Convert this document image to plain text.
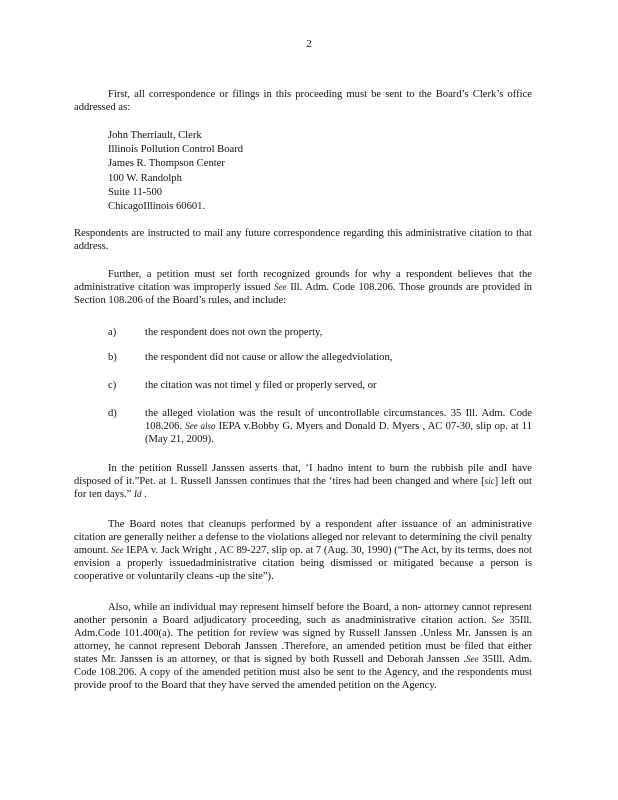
2
First, all correspondence or filings in this proceeding must be sent to the Board’s Clerk’s office addressed as:
John Therriault, Clerk
Illinois Pollution Control Board
James R. Thompson Center
100 W. Randolph
Suite 11-500
ChicagoIllinois 60601.
Respondents are instructed to mail any future correspondence regarding this administrative citation to that address.
Further, a petition must set forth recognized grounds for why a respondent believes that the administrative citation was improperly issued See Ill. Adm. Code 108.206. Those grounds are provided in Section 108.206 of the Board’s rules, and include:
a)	the respondent does not own the property,
b)	the respondent did not cause or allow the allegedviolation,
c)	the citation was not timel y filed or properly served, or
d)	the alleged violation was the result of uncontrollable circumstances. 35 Ill. Adm. Code 108.206. See also IEPA v.Bobby G. Myers and Donald D. Myers , AC 07-30, slip op. at 11 (May 21, 2009).
In the petition Russell Janssen asserts that, ‘I hadno intent to burn the rubbish pile andI have disposed of it.”Pet. at 1. Russell Janssen continues that the ‘tires had been changed and where [sic] left out for ten days.” Id .
The Board notes that cleanups performed by a respondent after issuance of an administrative citation are generally neither a defense to the violations alleged nor relevant to determining the civil penalty amount. See IEPA v. Jack Wright , AC 89-227, slip op. at 7 (Aug. 30, 1990) (“The Act, by its terms, does not envision a properly issuedadministrative citation being dismissed or mitigated because a person is cooperative or voluntarily cleans -up the site”).
Also, while an individual may represent himself before the Board, a non- attorney cannot represent another personin a Board adjudicatory proceeding, such as anadministrative citation action. See 35Ill. Adm.Code 101.400(a). The petition for review was signed by Russell Janssen .Unless Mr. Janssen is an attorney, he cannot represent Deborah Janssen .Therefore, an amended petition must be filed that either states Mr. Janssen is an attorney, or that is signed by both Russell and Deborah Janssen .See 35Ill. Adm. Code 108.206. A copy of the amended petition must also be sent to the Agency, and the respondents must provide proof to the Board that they have served the amended petition on the Agency.
